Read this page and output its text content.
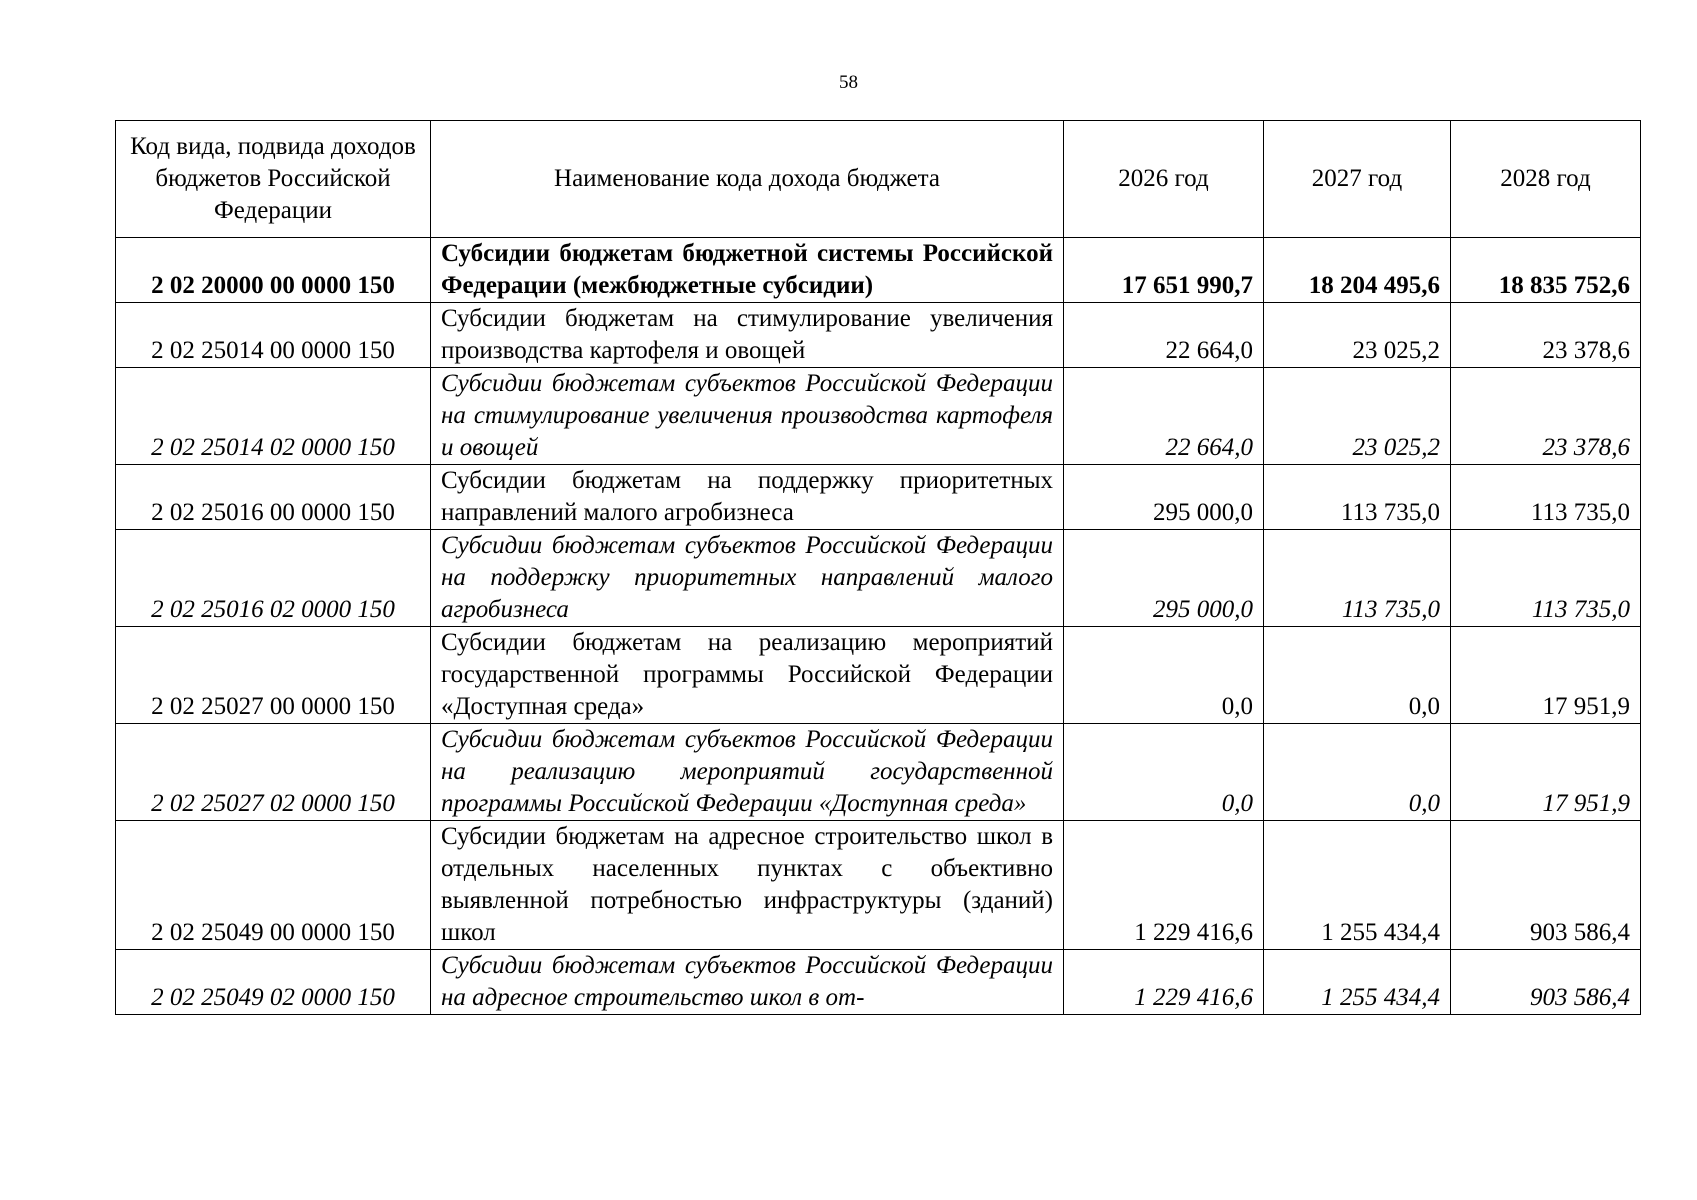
58
Код вида, подвида доходов бюджетов Российской Федерации	Наименование кода дохода бюджета	2026 год	2027 год	2028 год
2 02 20000 00 0000 150	Субсидии бюджетам бюджетной системы Российской Федерации (межбюджетные субсидии)	17 651 990,7	18 204 495,6	18 835 752,6
2 02 25014 00 0000 150	Субсидии бюджетам на стимулирование увеличения производства картофеля и овощей	22 664,0	23 025,2	23 378,6
2 02 25014 02 0000 150	Субсидии бюджетам субъектов Российской Федерации на стимулирование увеличения производства картофеля и овощей	22 664,0	23 025,2	23 378,6
2 02 25016 00 0000 150	Субсидии бюджетам на поддержку приоритетных направлений малого агробизнеса	295 000,0	113 735,0	113 735,0
2 02 25016 02 0000 150	Субсидии бюджетам субъектов Российской Федерации на поддержку приоритетных направлений малого агробизнеса	295 000,0	113 735,0	113 735,0
2 02 25027 00 0000 150	Субсидии бюджетам на реализацию мероприятий государственной программы Российской Федерации «Доступная среда»	0,0	0,0	17 951,9
2 02 25027 02 0000 150	Субсидии бюджетам субъектов Российской Федерации на реализацию мероприятий государственной программы Российской Федерации «Доступная среда»	0,0	0,0	17 951,9
2 02 25049 00 0000 150	Субсидии бюджетам на адресное строительство школ в отдельных населенных пунктах с объективно выявленной потребностью инфраструктуры (зданий) школ	1 229 416,6	1 255 434,4	903 586,4
2 02 25049 02 0000 150	Субсидии бюджетам субъектов Российской Федерации на адресное строительство школ в от-	1 229 416,6	1 255 434,4	903 586,4
